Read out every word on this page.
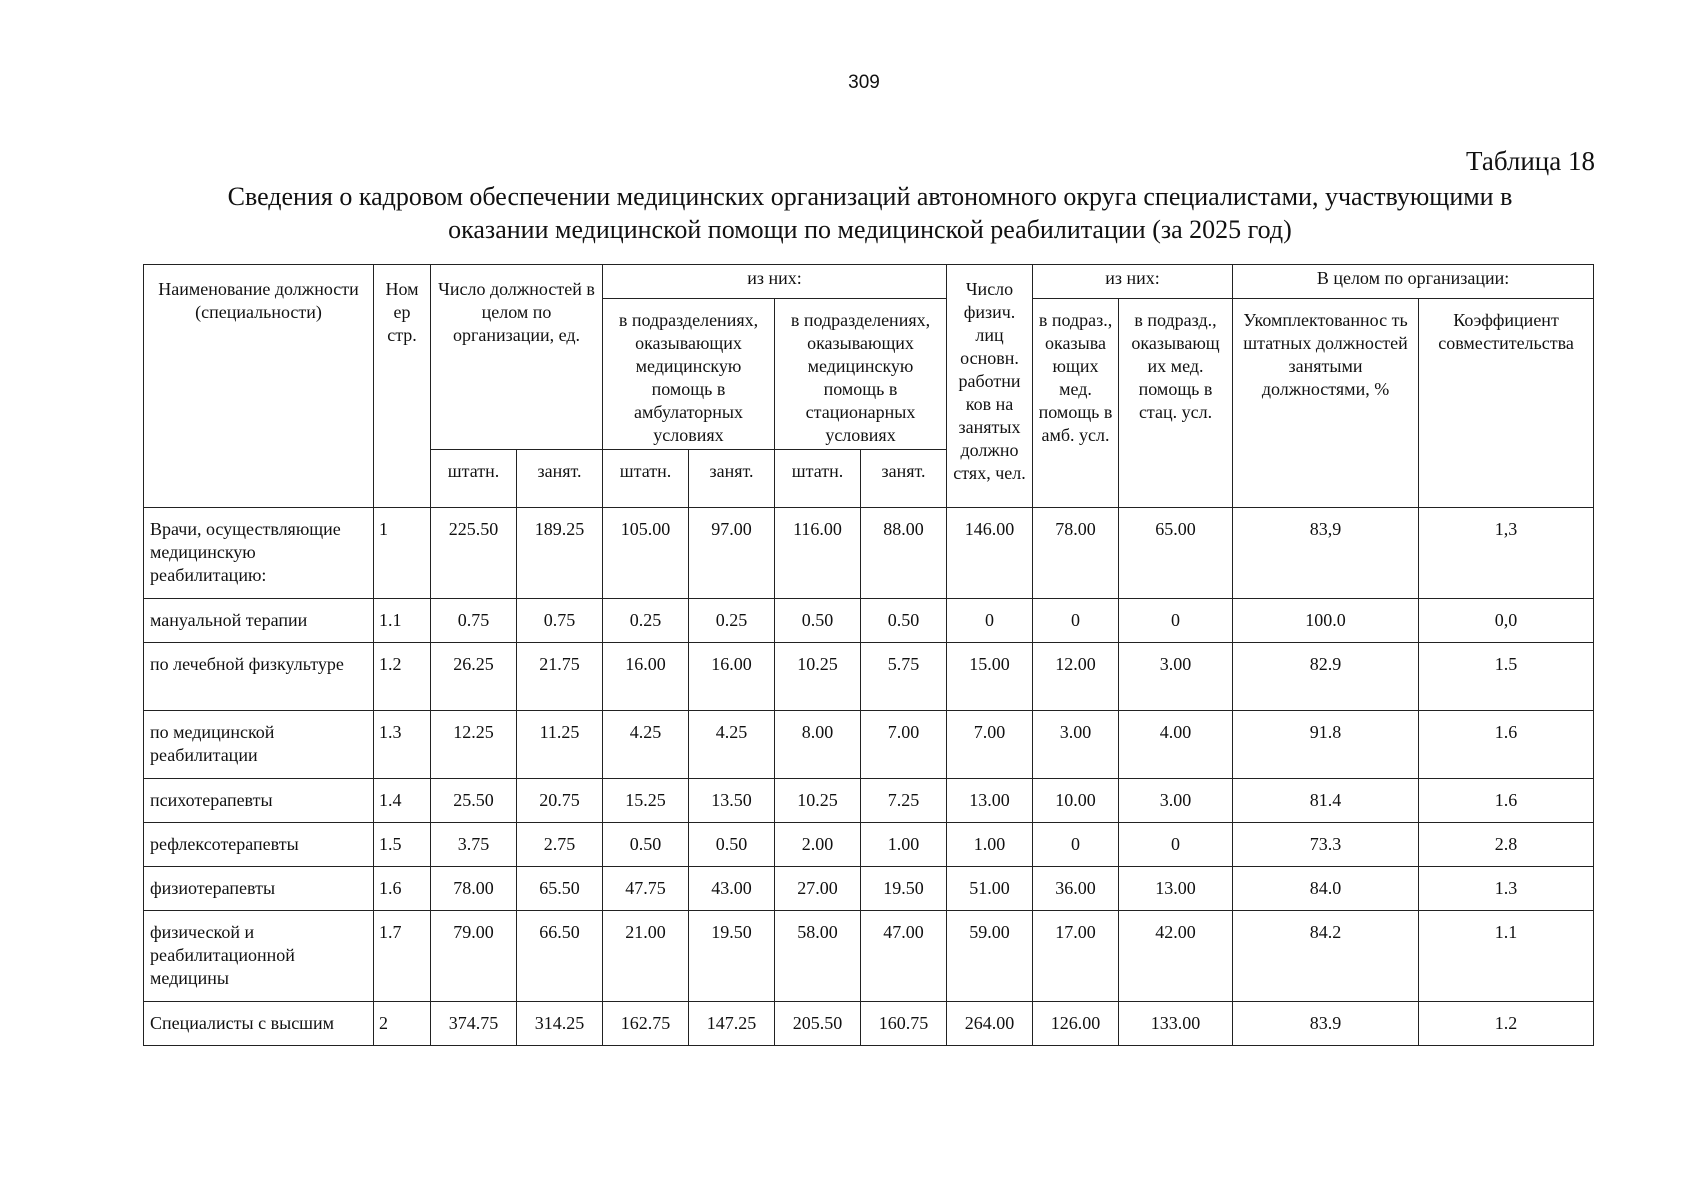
309
Таблица 18
Сведения о кадровом обеспечении медицинских организаций автономного округа специалистами, участвующими в
оказании медицинской помощи по медицинской реабилитации (за 2025 год)
Наименование должности (специальности)	Ном ер стр.	Число должностей в целом по организации, ед.		из них:				Число физич. лиц основн. работни ков на занятых должно стях, чел.	из них:		В целом по организации:	
				в подразделениях, оказывающих медицинскую помощь в амбулаторных условиях		в подразделениях, оказывающих медицинскую помощь в стационарных условиях			в подраз., оказыва ющих мед. помощь в амб. усл.	в подразд., оказывающ их мед. помощь в стац. усл.	Укомплектованнос ть штатных должностей занятыми должностями, %	Коэффициент совместительства
		штатн.	занят.	штатн.	занят.	штатн.	занят.					
Врачи, осуществляющие медицинскую реабилитацию:	1	225.50	189.25	105.00	97.00	116.00	88.00	146.00	78.00	65.00	83,9	1,3
мануальной терапии	1.1	0.75	0.75	0.25	0.25	0.50	0.50	0	0	0	100.0	0,0
по лечебной физкультуре	1.2	26.25	21.75	16.00	16.00	10.25	5.75	15.00	12.00	3.00	82.9	1.5
по медицинской реабилитации	1.3	12.25	11.25	4.25	4.25	8.00	7.00	7.00	3.00	4.00	91.8	1.6
психотерапевты	1.4	25.50	20.75	15.25	13.50	10.25	7.25	13.00	10.00	3.00	81.4	1.6
рефлексотерапевты	1.5	3.75	2.75	0.50	0.50	2.00	1.00	1.00	0	0	73.3	2.8
физиотерапевты	1.6	78.00	65.50	47.75	43.00	27.00	19.50	51.00	36.00	13.00	84.0	1.3
физической и реабилитационной медицины	1.7	79.00	66.50	21.00	19.50	58.00	47.00	59.00	17.00	42.00	84.2	1.1
Специалисты с высшим	2	374.75	314.25	162.75	147.25	205.50	160.75	264.00	126.00	133.00	83.9	1.2
